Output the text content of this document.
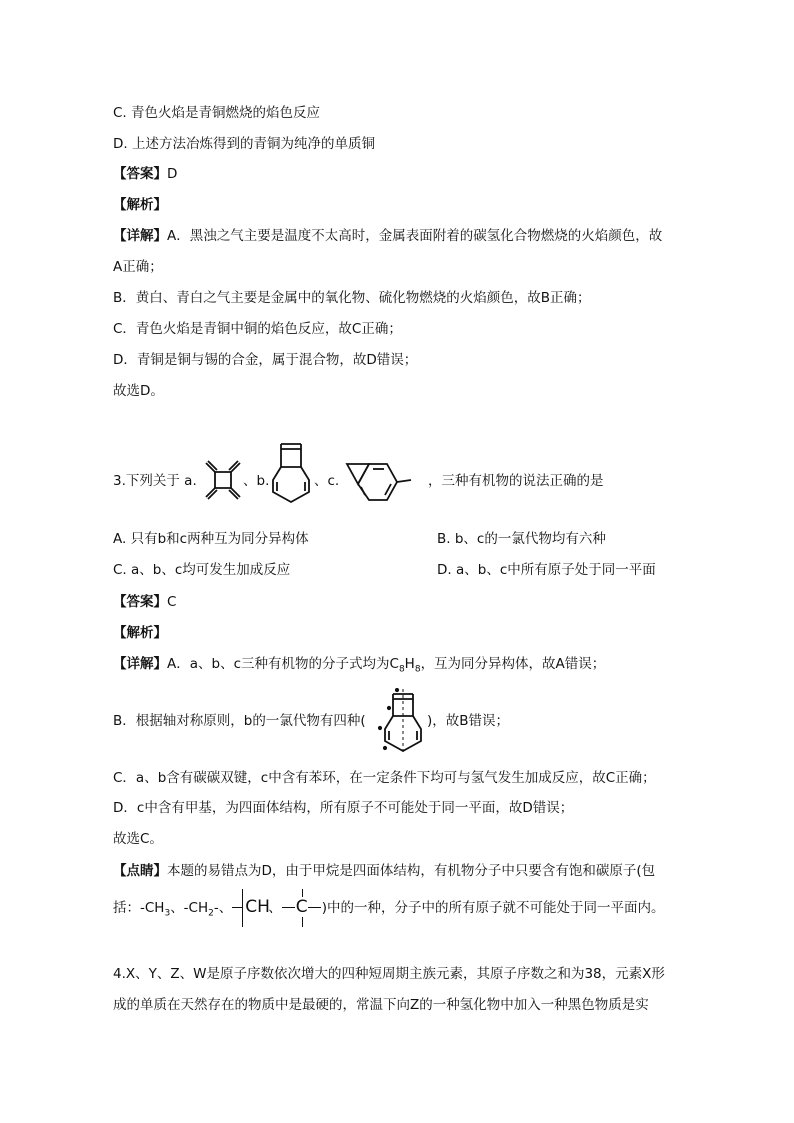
C. 青色火焰是青铜燃烧的焰色反应
D. 上述方法冶炼得到的青铜为纯净的单质铜
【答案】D
【解析】
【详解】A．黑浊之气主要是温度不太高时，金属表面附着的碳氢化合物燃烧的火焰颜色，故
A正确；
B．黄白、青白之气主要是金属中的氧化物、硫化物燃烧的火焰颜色，故B正确；
C．青色火焰是青铜中铜的焰色反应，故C正确；
D．青铜是铜与锡的合金，属于混合物，故D错误；
故选D。
3.下列关于 a.	、b.	、c.	，三种有机物的说法正确的是
A. 只有b和c两种互为同分异构体	B. b、c的一氯代物均有六种
C. a、b、c均可发生加成反应	D. a、b、c中所有原子处于同一平面
【答案】C
【解析】
【详解】A．a、b、c三种有机物的分子式均为$C_8H_8$，互为同分异构体，故A错误；
B．根据轴对称原则，b的一氯代物有四种(	)，故B错误；
C．a、b含有碳碳双键，c中含有苯环，在一定条件下均可与氢气发生加成反应，故C正确；
D．c中含有甲基，为四面体结构，所有原子不可能处于同一平面，故D错误；
故选C。
【点睛】本题的易错点为D，由于甲烷是四面体结构，有机物分子中只要含有饱和碳原子(包
括：$-CH_3$、$-CH_2-$、 CH
、 C )中的一种，分子中的所有原子就不可能处于同一平面内。
4.X、Y、Z、W是原子序数依次增大的四种短周期主族元素，其原子序数之和为38，元素X形
成的单质在天然存在的物质中是最硬的，常温下向Z的一种氢化物中加入一种黑色物质是实
